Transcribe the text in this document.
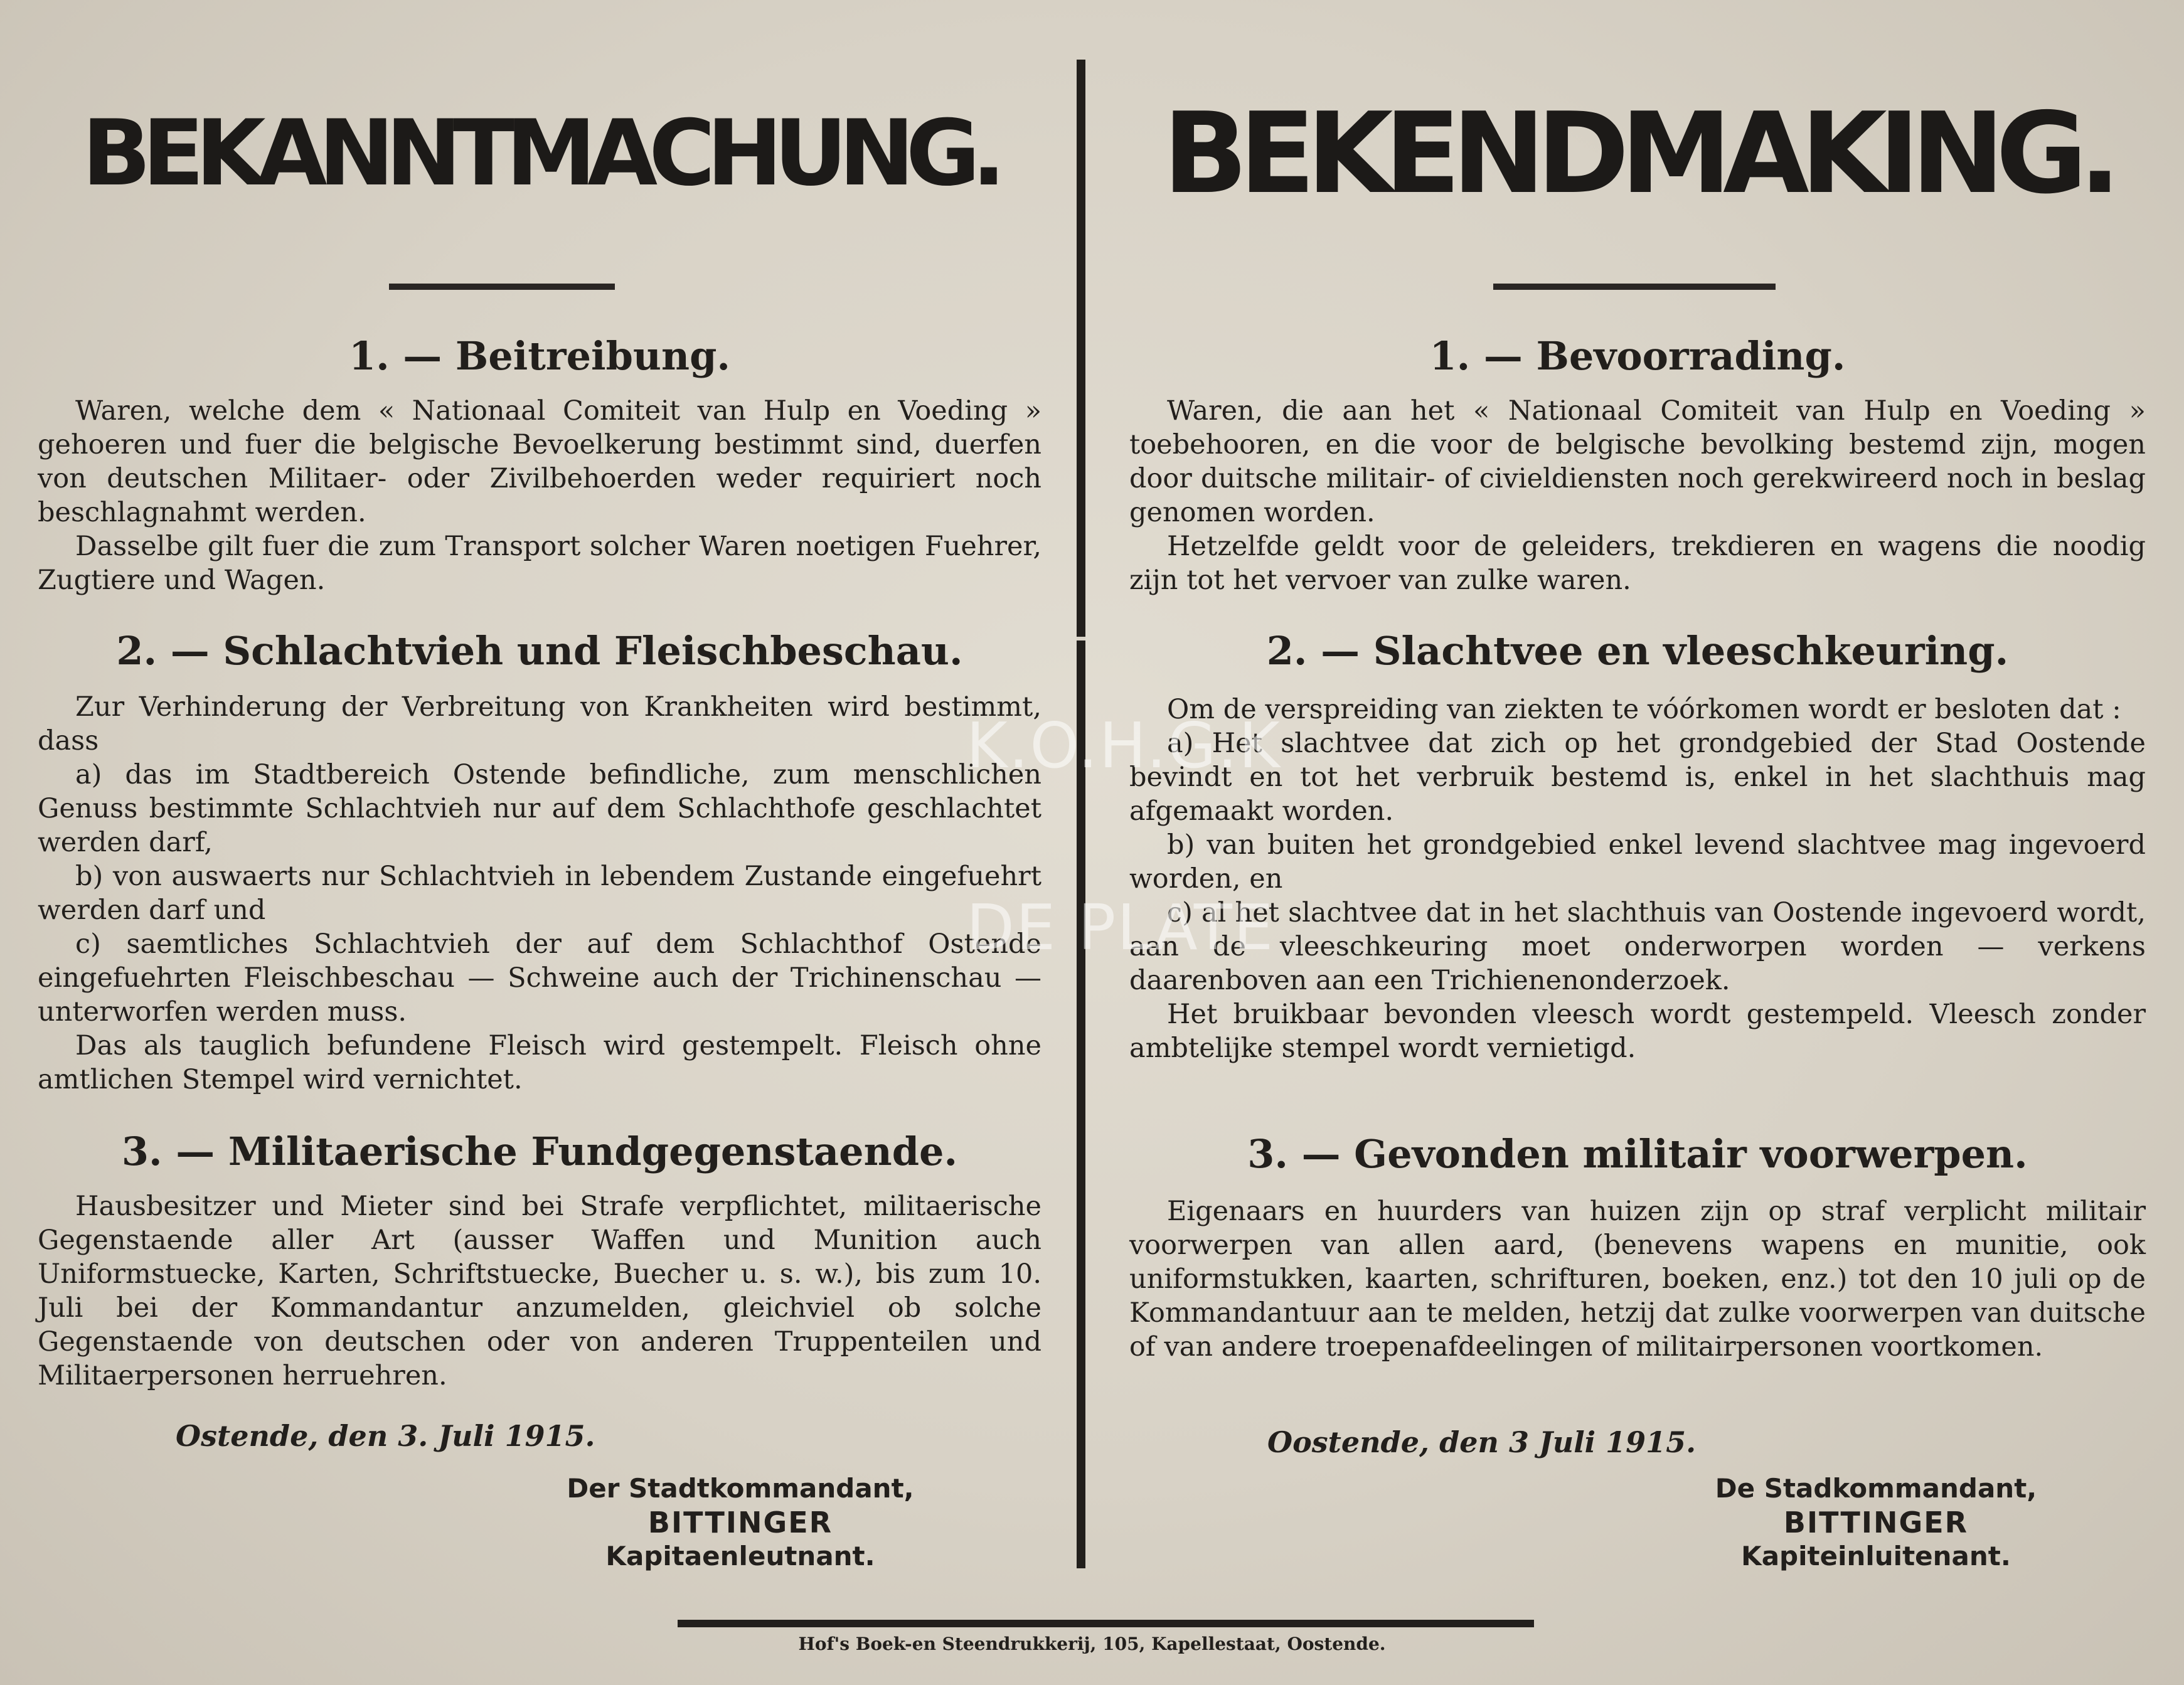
BEKANNTMACHUNG.
1. — Beitreibung.

Waren, welche dem « Nationaal Comiteit van Hulp en Voeding » gehoeren und fuer die belgische Bevoelkerung bestimmt sind, duerfen von deutschen Militaer- oder Zivilbehoerden weder requiriert noch beschlagnahmt werden.

Dasselbe gilt fuer die zum Transport solcher Waren noetigen Fuehrer, Zugtiere und Wagen.

2. — Schlachtvieh und Fleischbeschau.

Zur Verhinderung der Verbreitung von Krankheiten wird bestimmt, dass

a) das im Stadtbereich Ostende befindliche, zum menschlichen Genuss bestimmte Schlachtvieh nur auf dem Schlachthofe geschlachtet werden darf,

b) von auswaerts nur Schlachtvieh in lebendem Zustande eingefuehrt werden darf und

c) saemtliches Schlachtvieh der auf dem Schlachthof Ostende eingefuehrten Fleischbeschau — Schweine auch der Trichinenschau — unterworfen werden muss.

Das als tauglich befundene Fleisch wird gestempelt. Fleisch ohne amtlichen Stempel wird vernichtet.

3. — Militaerische Fundgegenstaende.

Hausbesitzer und Mieter sind bei Strafe verpflichtet, militaerische Gegenstaende aller Art (ausser Waffen und Munition auch Uniformstuecke, Karten, Schriftstuecke, Buecher u. s. w.), bis zum 10. Juli bei der Kommandantur anzumelden, gleichviel ob solche Gegenstaende von deutschen oder von anderen Truppenteilen und Militaerpersonen herruehren.

Ostende, den 3. Juli 1915.
Der Stadtkommandant,
BITTINGER
Kapitaenleutnant.
BEKENDMAKING.
1. — Bevoorrading.

Waren, die aan het « Nationaal Comiteit van Hulp en Voeding » toebehooren, en die voor de belgische bevolking bestemd zijn, mogen door duitsche militair- of civieldiensten noch gerekwireerd noch in beslag genomen worden.

Hetzelfde geldt voor de geleiders, trekdieren en wagens die noodig zijn tot het vervoer van zulke waren.

2. — Slachtvee en vleeschkeuring.

Om de verspreiding van ziekten te vóórkomen wordt er besloten dat :

a) Het slachtvee dat zich op het grondgebied der Stad Oostende bevindt en tot het verbruik bestemd is, enkel in het slachthuis mag afgemaakt worden.

b) van buiten het grondgebied enkel levend slachtvee mag ingevoerd worden, en

c) al het slachtvee dat in het slachthuis van Oostende ingevoerd wordt, aan de vleeschkeuring moet onderworpen worden — verkens daarenboven aan een Trichienenonderzoek.

Het bruikbaar bevonden vleesch wordt gestempeld. Vleesch zonder ambtelijke stempel wordt vernietigd.

3. — Gevonden militair voorwerpen.

Eigenaars en huurders van huizen zijn op straf verplicht militair voorwerpen van allen aard, (benevens wapens en munitie, ook uniformstukken, kaarten, schrifturen, boeken, enz.) tot den 10 juli op de Kommandantuur aan te melden, hetzij dat zulke voorwerpen van duitsche of van andere troepenafdeelingen of militairpersonen voortkomen.

Oostende, den 3 Juli 1915.
De Stadkommandant,
BITTINGER
Kapiteinluitenant.
Hof's Boek-en Steendrukkerij, 105, Kapellestaat, Oostende.
K.O.H.G.K
DE PLATE
